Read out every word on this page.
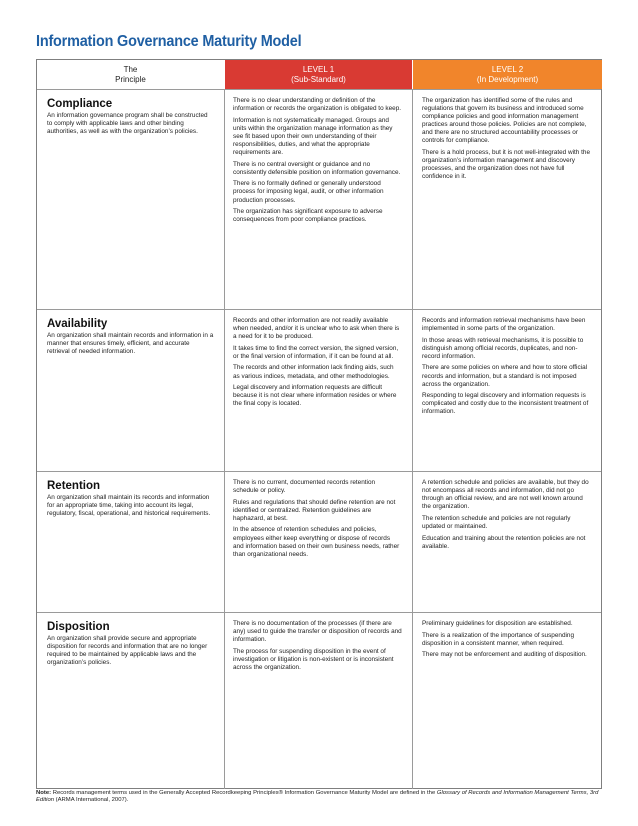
Information Governance Maturity Model
The
Principle
LEVEL 1
(Sub-Standard)
LEVEL 2
(In Development)
Compliance

An information governance program shall be constructed to comply with applicable laws and other binding authorities, as well as with the organization’s policies.

There is no clear understanding or definition of the information or records the organization is obligated to keep.

Information is not systematically managed. Groups and units within the organization manage information as they see fit based upon their own understanding of their responsibilities, duties, and what the appropriate requirements are.

There is no central oversight or guidance and no consistently defensible position on information governance.

There is no formally defined or generally understood process for imposing legal, audit, or other information production processes.

The organization has significant exposure to adverse consequences from poor compliance practices.

The organization has identified some of the rules and regulations that govern its business and introduced some compliance policies and good information management practices around those policies. Policies are not complete, and there are no structured accountability processes or controls for compliance.

There is a hold process, but it is not well-integrated with the organization’s information management and discovery processes, and the organization does not have full confidence in it.

Availability

An organization shall maintain records and information in a manner that ensures timely, efficient, and accurate retrieval of needed information.

Records and other information are not readily available when needed, and/or it is unclear who to ask when there is a need for it to be produced.

It takes time to find the correct version, the signed version, or the final version of information, if it can be found at all.

The records and other information lack finding aids, such as various indices, metadata, and other methodologies.

Legal discovery and information requests are difficult because it is not clear where information resides or where the final copy is located.

Records and information retrieval mechanisms have been implemented in some parts of the organization.

In those areas with retrieval mechanisms, it is possible to distinguish among official records, duplicates, and non-record information.

There are some policies on where and how to store official records and information, but a standard is not imposed across the organization.

Responding to legal discovery and information requests is complicated and costly due to the inconsistent treatment of information.

Retention

An organization shall maintain its records and information for an appropriate time, taking into account its legal, regulatory, fiscal, operational, and historical requirements.

There is no current, documented records retention schedule or policy.

Rules and regulations that should define retention are not identified or centralized. Retention guidelines are haphazard, at best.

In the absence of retention schedules and policies, employees either keep everything or dispose of records and information based on their own business needs, rather than organizational needs.

A retention schedule and policies are available, but they do not encompass all records and information, did not go through an official review, and are not well known around the organization.

The retention schedule and policies are not regularly updated or maintained.

Education and training about the retention policies are not available.

Disposition

An organization shall provide secure and appropriate disposition for records and information that are no longer required to be maintained by applicable laws and the organization’s policies.

There is no documentation of the processes (if there are any) used to guide the transfer or disposition of records and information.

The process for suspending disposition in the event of investigation or litigation is non-existent or is inconsistent across the organization.

Preliminary guidelines for disposition are established.

There is a realization of the importance of suspending disposition in a consistent manner, when required.

There may not be enforcement and auditing of disposition.

Note: Records management terms used in the Generally Accepted Recordkeeping Principles® Information Governance Maturity Model are defined in the Glossary of Records and Information Management Terms, 3rd Edition (ARMA International, 2007).
